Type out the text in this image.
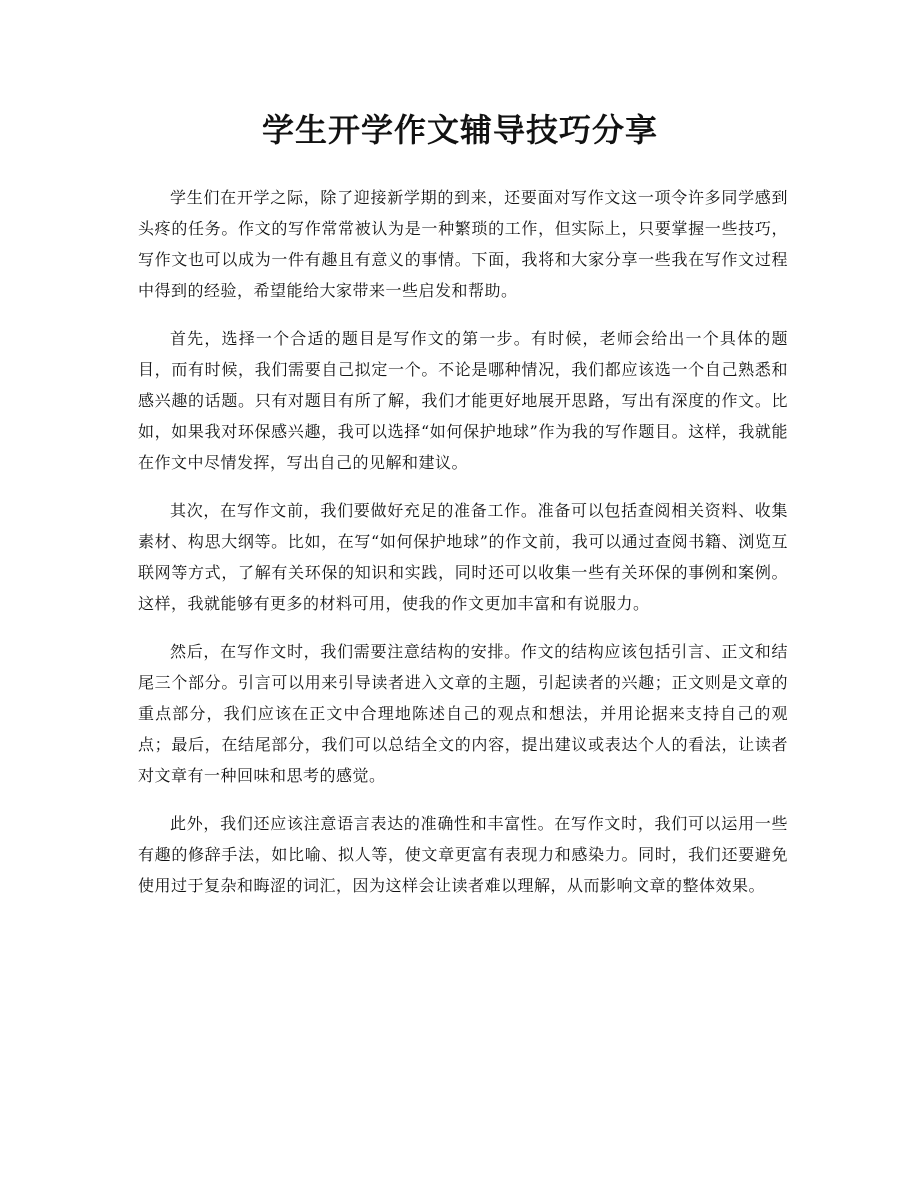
学生开学作文辅导技巧分享

学生们在开学之际，除了迎接新学期的到来，还要面对写作文这一项令许多同学感到头疼的任务。作文的写作常常被认为是一种繁琐的工作，但实际上，只要掌握一些技巧，写作文也可以成为一件有趣且有意义的事情。下面，我将和大家分享一些我在写作文过程中得到的经验，希望能给大家带来一些启发和帮助。

首先，选择一个合适的题目是写作文的第一步。有时候，老师会给出一个具体的题目，而有时候，我们需要自己拟定一个。不论是哪种情况，我们都应该选一个自己熟悉和感兴趣的话题。只有对题目有所了解，我们才能更好地展开思路，写出有深度的作文。比如，如果我对环保感兴趣，我可以选择“如何保护地球”作为我的写作题目。这样，我就能在作文中尽情发挥，写出自己的见解和建议。

其次，在写作文前，我们要做好充足的准备工作。准备可以包括查阅相关资料、收集素材、构思大纲等。比如，在写“如何保护地球”的作文前，我可以通过查阅书籍、浏览互联网等方式，了解有关环保的知识和实践，同时还可以收集一些有关环保的事例和案例。这样，我就能够有更多的材料可用，使我的作文更加丰富和有说服力。

然后，在写作文时，我们需要注意结构的安排。作文的结构应该包括引言、正文和结尾三个部分。引言可以用来引导读者进入文章的主题，引起读者的兴趣；正文则是文章的重点部分，我们应该在正文中合理地陈述自己的观点和想法，并用论据来支持自己的观点；最后，在结尾部分，我们可以总结全文的内容，提出建议或表达个人的看法，让读者对文章有一种回味和思考的感觉。

此外，我们还应该注意语言表达的准确性和丰富性。在写作文时，我们可以运用一些有趣的修辞手法，如比喻、拟人等，使文章更富有表现力和感染力。同时，我们还要避免使用过于复杂和晦涩的词汇，因为这样会让读者难以理解，从而影响文章的整体效果。
